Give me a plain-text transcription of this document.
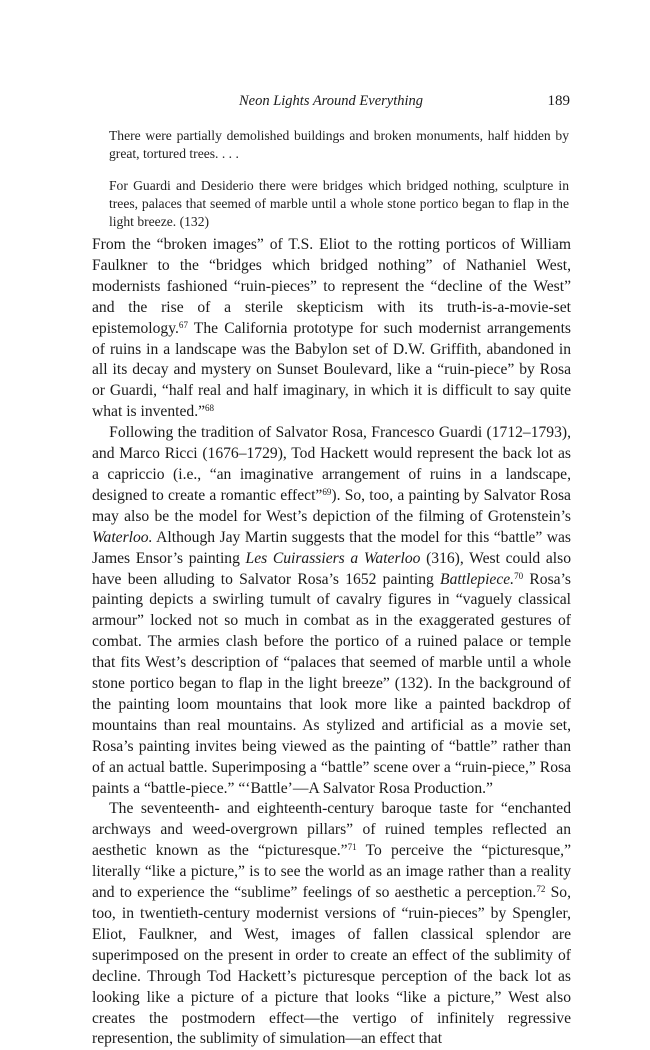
Neon Lights Around Everything	189

There were partially demolished buildings and broken monuments, half hidden by great, tortured trees. . . .

For Guardi and Desiderio there were bridges which bridged nothing, sculpture in trees, palaces that seemed of marble until a whole stone portico began to flap in the light breeze. (132)

From the “broken images” of T.S. Eliot to the rotting porticos of William Faulkner to the “bridges which bridged nothing” of Nathaniel West, modernists fashioned “ruin-pieces” to represent the “decline of the West” and the rise of a sterile skepticism with its truth-is-a-movie-set epistemology.$^{67}$ The California prototype for such modernist arrangements of ruins in a landscape was the Babylon set of D.W. Griffith, abandoned in all its decay and mystery on Sunset Boulevard, like a “ruin-piece” by Rosa or Guardi, “half real and half imaginary, in which it is difficult to say quite what is invented.”$^{68}$

Following the tradition of Salvator Rosa, Francesco Guardi (1712–1793), and Marco Ricci (1676–1729), Tod Hackett would represent the back lot as a capriccio (i.e., “an imaginative arrangement of ruins in a landscape, designed to create a romantic effect”$^{69}$). So, too, a painting by Salvator Rosa may also be the model for West’s depiction of the filming of Grotenstein’s Waterloo. Although Jay Martin suggests that the model for this “battle” was James Ensor’s painting Les Cuirassiers a Waterloo (316), West could also have been alluding to Salvator Rosa’s 1652 painting Battlepiece.$^{70}$ Rosa’s painting depicts a swirling tumult of cavalry figures in “vaguely classical armour” locked not so much in combat as in the exaggerated gestures of combat. The armies clash before the portico of a ruined palace or temple that fits West’s description of “palaces that seemed of marble until a whole stone portico began to flap in the light breeze” (132). In the background of the painting loom mountains that look more like a painted backdrop of mountains than real mountains. As stylized and artificial as a movie set, Rosa’s painting invites being viewed as the painting of “battle” rather than of an actual battle. Superimposing a “battle” scene over a “ruin-piece,” Rosa paints a “battle-piece.” “‘Battle’—A Salvator Rosa Production.”

The seventeenth- and eighteenth-century baroque taste for “enchanted archways and weed-overgrown pillars” of ruined temples reflected an aesthetic known as the “picturesque.”$^{71}$ To perceive the “picturesque,” literally “like a picture,” is to see the world as an image rather than a reality and to experience the “sublime” feelings of so aesthetic a perception.$^{72}$ So, too, in twentieth-century modernist versions of “ruin-pieces” by Spengler, Eliot, Faulkner, and West, images of fallen classical splendor are superimposed on the present in order to create an effect of the sublimity of decline. Through Tod Hackett’s picturesque perception of the back lot as looking like a picture of a picture that looks “like a picture,” West also creates the postmodern effect—the vertigo of infinitely regressive represention, the sublimity of simulation—an effect that
